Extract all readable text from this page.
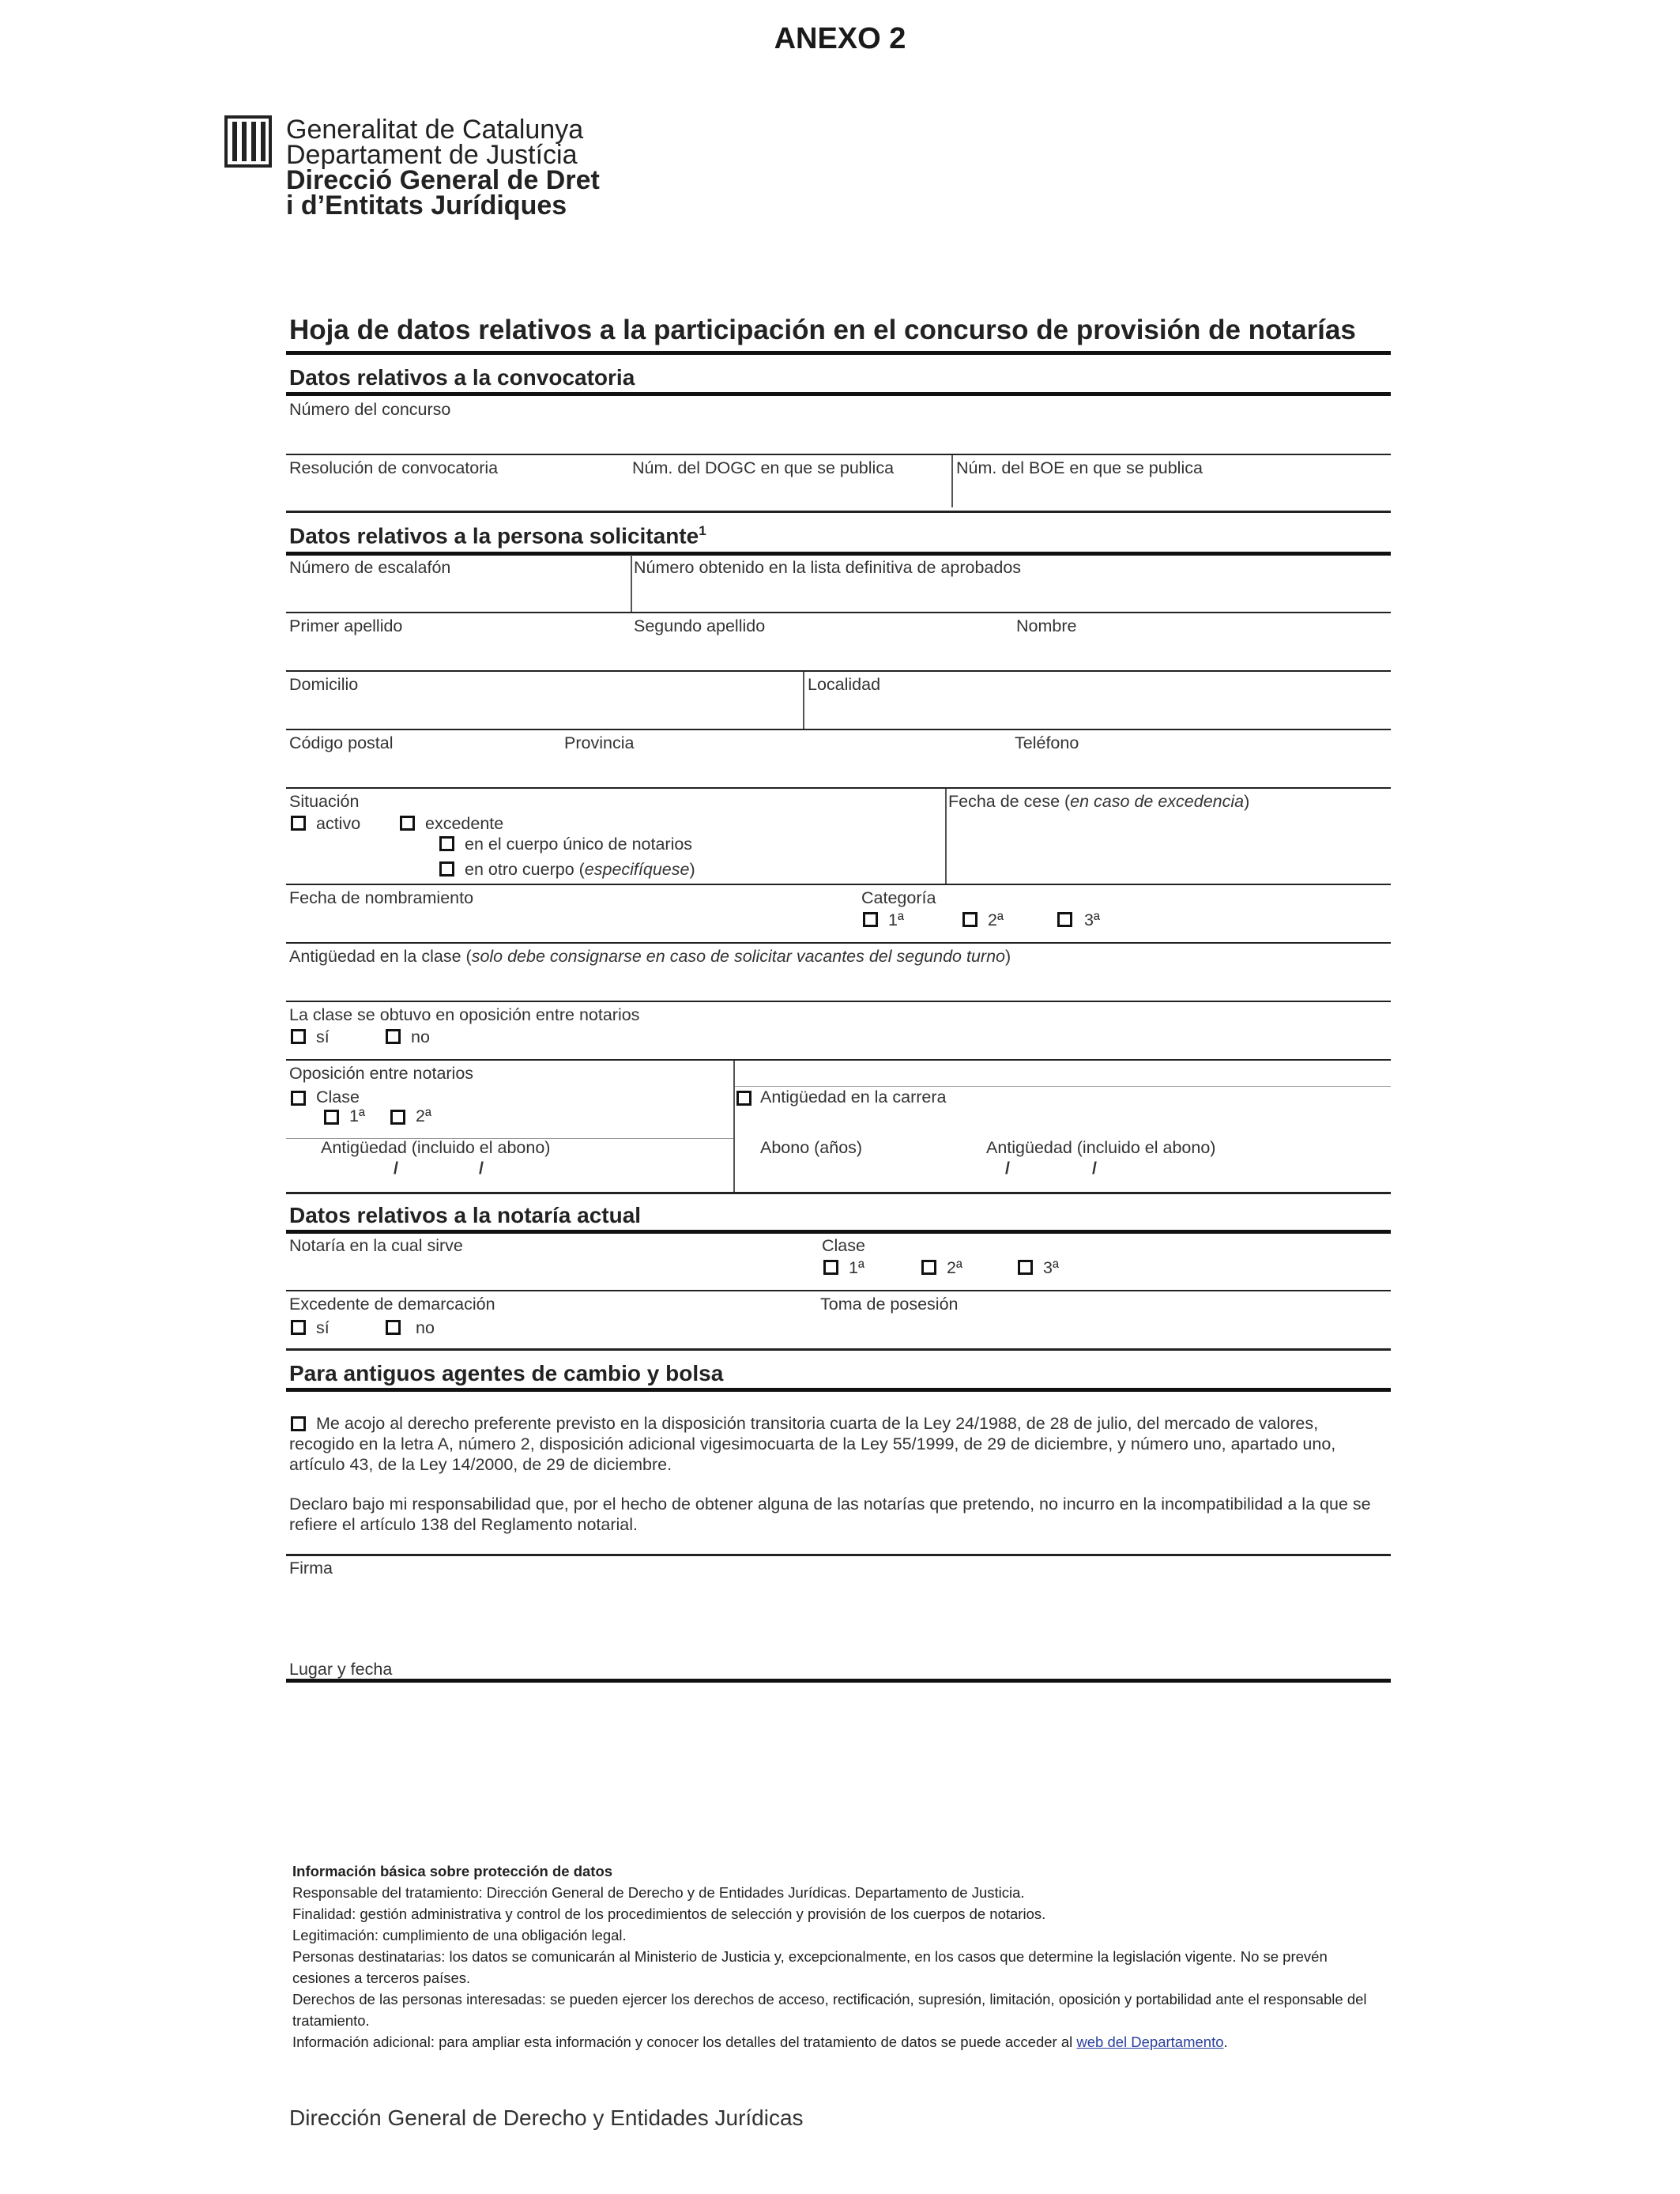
ANEXO 2
Generalitat de Catalunya
Departament de Justícia
Direcció General de Dret
i d’Entitats Jurídiques
Hoja de datos relativos a la participación en el concurso de provisión de notarías
Datos relativos a la convocatoria
Número del concurso
Resolución de convocatoria	Núm. del DOGC en que se publica	Núm. del BOE en que se publica
Datos relativos a la persona solicitante$^1$
Número de escalafón	Número obtenido en la lista definitiva de aprobados
Primer apellido	Segundo apellido	Nombre
Domicilio	Localidad
Código postal	Provincia	Teléfono
Situación
activo	excedente
en el cuerpo único de notarios
en otro cuerpo (especifíquese)
Fecha de cese (en caso de excedencia)
Fecha de nombramiento	Categoría
1ª	2ª	3ª
Antigüedad en la clase (solo debe consignarse en caso de solicitar vacantes del segundo turno)
La clase se obtuvo en oposición entre notarios
sí	no
Oposición entre notarios
Clase
1ª	2ª
Antigüedad (incluido el abono)
/	/
Antigüedad en la carrera
Abono (años)	Antigüedad (incluido el abono)
/	/
Datos relativos a la notaría actual
Notaría en la cual sirve	Clase
1ª	2ª	3ª
Excedente de demarcación
sí	no
Toma de posesión
Para antiguos agentes de cambio y bolsa
Me acojo al derecho preferente previsto en la disposición transitoria cuarta de la Ley 24/1988, de 28 de julio, del mercado de valores, recogido en la letra A, número 2, disposición adicional vigesimocuarta de la Ley 55/1999, de 29 de diciembre, y número uno, apartado uno, artículo 43, de la Ley 14/2000, de 29 de diciembre.
Declaro bajo mi responsabilidad que, por el hecho de obtener alguna de las notarías que pretendo, no incurro en la incompatibilidad a la que se refiere el artículo 138 del Reglamento notarial.
Firma
Lugar y fecha
Información básica sobre protección de datos
Responsable del tratamiento: Dirección General de Derecho y de Entidades Jurídicas. Departamento de Justicia.
Finalidad: gestión administrativa y control de los procedimientos de selección y provisión de los cuerpos de notarios.
Legitimación: cumplimiento de una obligación legal.
Personas destinatarias: los datos se comunicarán al Ministerio de Justicia y, excepcionalmente, en los casos que determine la legislación vigente. No se prevén cesiones a terceros países.
Derechos de las personas interesadas: se pueden ejercer los derechos de acceso, rectificación, supresión, limitación, oposición y portabilidad ante el responsable del tratamiento.
Información adicional: para ampliar esta información y conocer los detalles del tratamiento de datos se puede acceder al web del Departamento.
Dirección General de Derecho y Entidades Jurídicas
